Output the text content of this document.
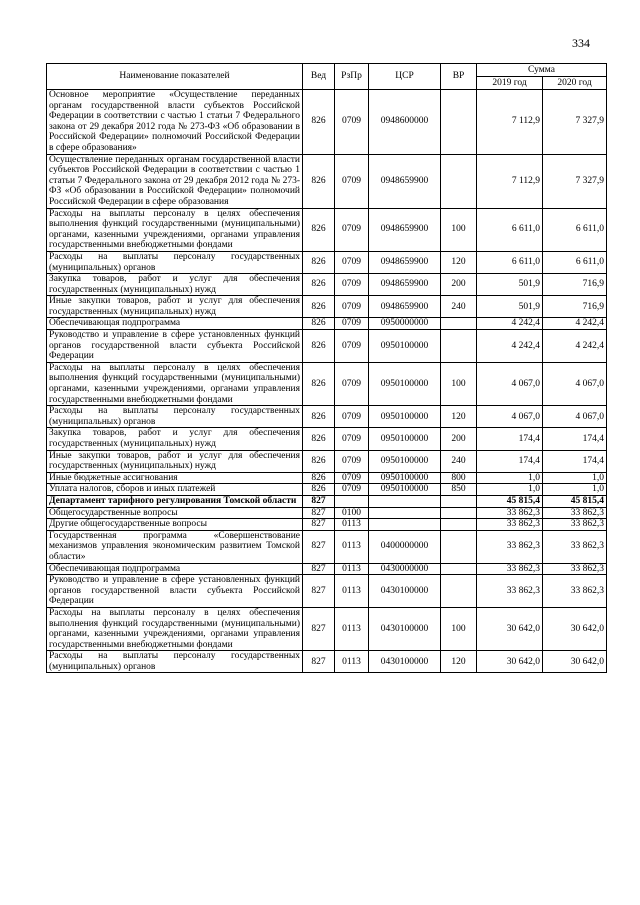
334
Наименование показателей	Вед	РзПр	ЦСР	ВР	Сумма	
					2019 год	2020 год
Основное мероприятие «Осуществление переданных органам государственной власти субъектов Российской Федерации в соответствии с частью 1 статьи 7 Федерального закона от 29 декабря 2012 года № 273-ФЗ «Об образовании в Российской Федерации» полномочий Российской Федерации в сфере образования»	826	0709	0948600000		7 112,9	7 327,9
Осуществление переданных органам государственной власти субъектов Российской Федерации в соответствии с частью 1 статьи 7 Федерального закона от 29 декабря 2012 года № 273-ФЗ «Об образовании в Российской Федерации» полномочий Российской Федерации в сфере образования	826	0709	0948659900		7 112,9	7 327,9
Расходы на выплаты персоналу в целях обеспечения выполнения функций государственными (муниципальными) органами, казенными учреждениями, органами управления государственными внебюджетными фондами	826	0709	0948659900	100	6 611,0	6 611,0
Расходы на выплаты персоналу государственных (муниципальных) органов	826	0709	0948659900	120	6 611,0	6 611,0
Закупка товаров, работ и услуг для обеспечения государственных (муниципальных) нужд	826	0709	0948659900	200	501,9	716,9
Иные закупки товаров, работ и услуг для обеспечения государственных (муниципальных) нужд	826	0709	0948659900	240	501,9	716,9
Обеспечивающая подпрограмма	826	0709	0950000000		4 242,4	4 242,4
Руководство и управление в сфере установленных функций органов государственной власти субъекта Российской Федерации	826	0709	0950100000		4 242,4	4 242,4
Расходы на выплаты персоналу в целях обеспечения выполнения функций государственными (муниципальными) органами, казенными учреждениями, органами управления государственными внебюджетными фондами	826	0709	0950100000	100	4 067,0	4 067,0
Расходы на выплаты персоналу государственных (муниципальных) органов	826	0709	0950100000	120	4 067,0	4 067,0
Закупка товаров, работ и услуг для обеспечения государственных (муниципальных) нужд	826	0709	0950100000	200	174,4	174,4
Иные закупки товаров, работ и услуг для обеспечения государственных (муниципальных) нужд	826	0709	0950100000	240	174,4	174,4
Иные бюджетные ассигнования	826	0709	0950100000	800	1,0	1,0
Уплата налогов, сборов и иных платежей	826	0709	0950100000	850	1,0	1,0
Департамент тарифного регулирования Томской области	827				45 815,4	45 815,4
Общегосударственные вопросы	827	0100			33 862,3	33 862,3
Другие общегосударственные вопросы	827	0113			33 862,3	33 862,3
Государственная программа «Совершенствование механизмов управления экономическим развитием Томской области»	827	0113	0400000000		33 862,3	33 862,3
Обеспечивающая подпрограмма	827	0113	0430000000		33 862,3	33 862,3
Руководство и управление в сфере установленных функций органов государственной власти субъекта Российской Федерации	827	0113	0430100000		33 862,3	33 862,3
Расходы на выплаты персоналу в целях обеспечения выполнения функций государственными (муниципальными) органами, казенными учреждениями, органами управления государственными внебюджетными фондами	827	0113	0430100000	100	30 642,0	30 642,0
Расходы на выплаты персоналу государственных (муниципальных) органов	827	0113	0430100000	120	30 642,0	30 642,0
